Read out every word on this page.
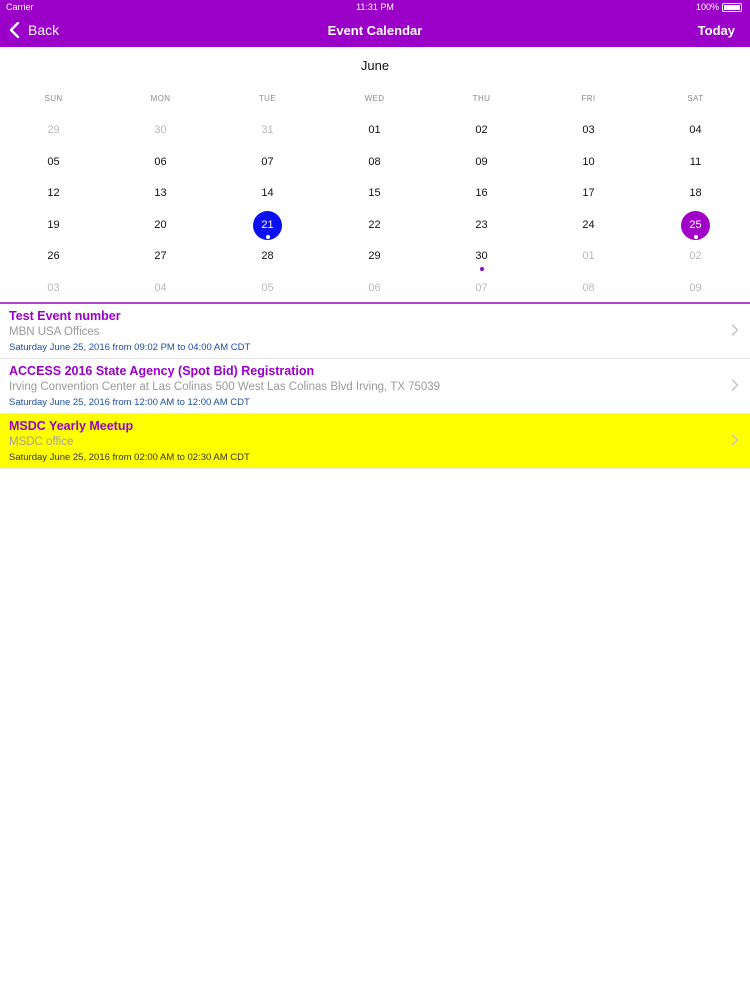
Carrier	11:31 PM	100%
Back	Event Calendar	Today
June
SUN	MON	TUE	WED	THU	FRI	SAT
29	30	31	01	02	03	04
05	06	07	08	09	10	11
12	13	14	15	16	17	18
19	20	21	22	23	24	25
26	27	28	29	30	01	02
03	04	05	06	07	08	09
Test Event number
MBN USA Offices
Saturday June 25, 2016 from 09:02 PM to 04:00 AM CDT
ACCESS 2016 State Agency (Spot Bid) Registration
Irving Convention Center at Las Colinas 500 West Las Colinas Blvd Irving, TX 75039
Saturday June 25, 2016 from 12:00 AM to 12:00 AM CDT
MSDC Yearly Meetup
MSDC office
Saturday June 25, 2016 from 02:00 AM to 02:30 AM CDT
